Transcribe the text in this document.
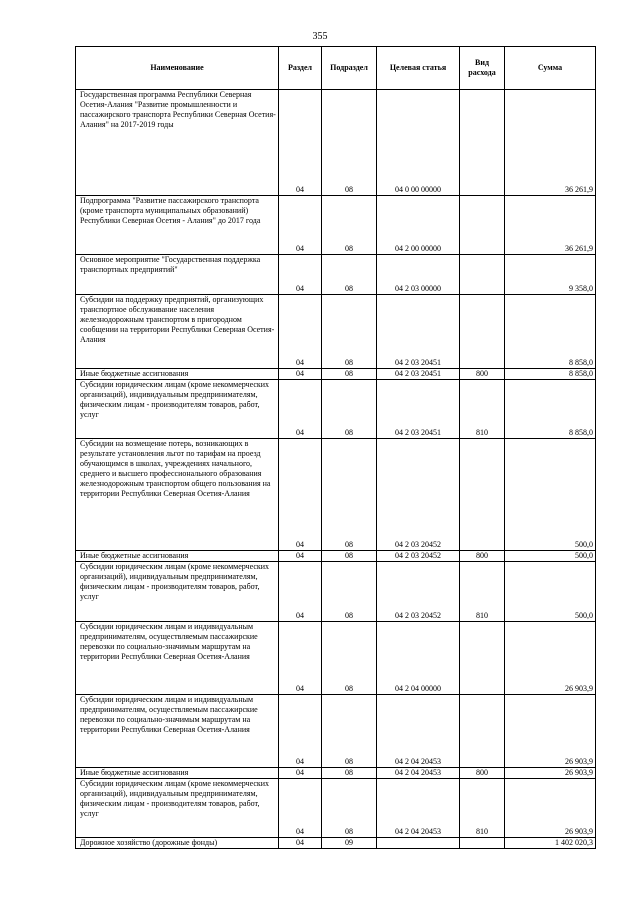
355
Наименование	Раздел	Подраздел	Целевая статья	Вид расхода	Сумма
Государственная программа Республики Северная Осетия-Алания "Развитие промышленности и пассажирского транспорта Республики Северная Осетия-Алания" на 2017-2019 годы	04	08	04 0 00 00000		36 261,9
Подпрограмма "Развитие пассажирского транспорта (кроме транспорта муниципальных образований) Республики Северная Осетия - Алания" до 2017 года	04	08	04 2 00 00000		36 261,9
Основное мероприятие "Государственная поддержка транспортных предприятий"	04	08	04 2 03 00000		9 358,0
Субсидии на поддержку предприятий, организующих транспортное обслуживание населения железнодорожным транспортом в пригородном сообщении на территории Республики Северная Осетия-Алания	04	08	04 2 03 20451		8 858,0
Иные бюджетные ассигнования	04	08	04 2 03 20451	800	8 858,0
Субсидии юридическим лицам (кроме некоммерческих организаций), индивидуальным предпринимателям, физическим лицам - производителям товаров, работ, услуг	04	08	04 2 03 20451	810	8 858,0
Субсидии на возмещение потерь, возникающих в результате установления льгот по тарифам на проезд обучающимся в школах, учреждениях начального, среднего и высшего профессионального образования железнодорожным транспортом общего пользования на территории Республики Северная Осетия-Алания	04	08	04 2 03 20452		500,0
Иные бюджетные ассигнования	04	08	04 2 03 20452	800	500,0
Субсидии юридическим лицам (кроме некоммерческих организаций), индивидуальным предпринимателям, физическим лицам - производителям товаров, работ, услуг	04	08	04 2 03 20452	810	500,0
Субсидии юридическим лицам и индивидуальным предпринимателям, осуществляемым пассажирские перевозки по социально-значимым маршрутам на территории Республики Северная Осетия-Алания	04	08	04 2 04 00000		26 903,9
Субсидии юридическим лицам и индивидуальным предпринимателям, осуществляемым пассажирские перевозки по социально-значимым маршрутам на территории Республики Северная Осетия-Алания	04	08	04 2 04 20453		26 903,9
Иные бюджетные ассигнования	04	08	04 2 04 20453	800	26 903,9
Субсидии юридическим лицам (кроме некоммерческих организаций), индивидуальным предпринимателям, физическим лицам - производителям товаров, работ, услуг	04	08	04 2 04 20453	810	26 903,9
Дорожное хозяйство (дорожные фонды)	04	09			1 402 020,3
